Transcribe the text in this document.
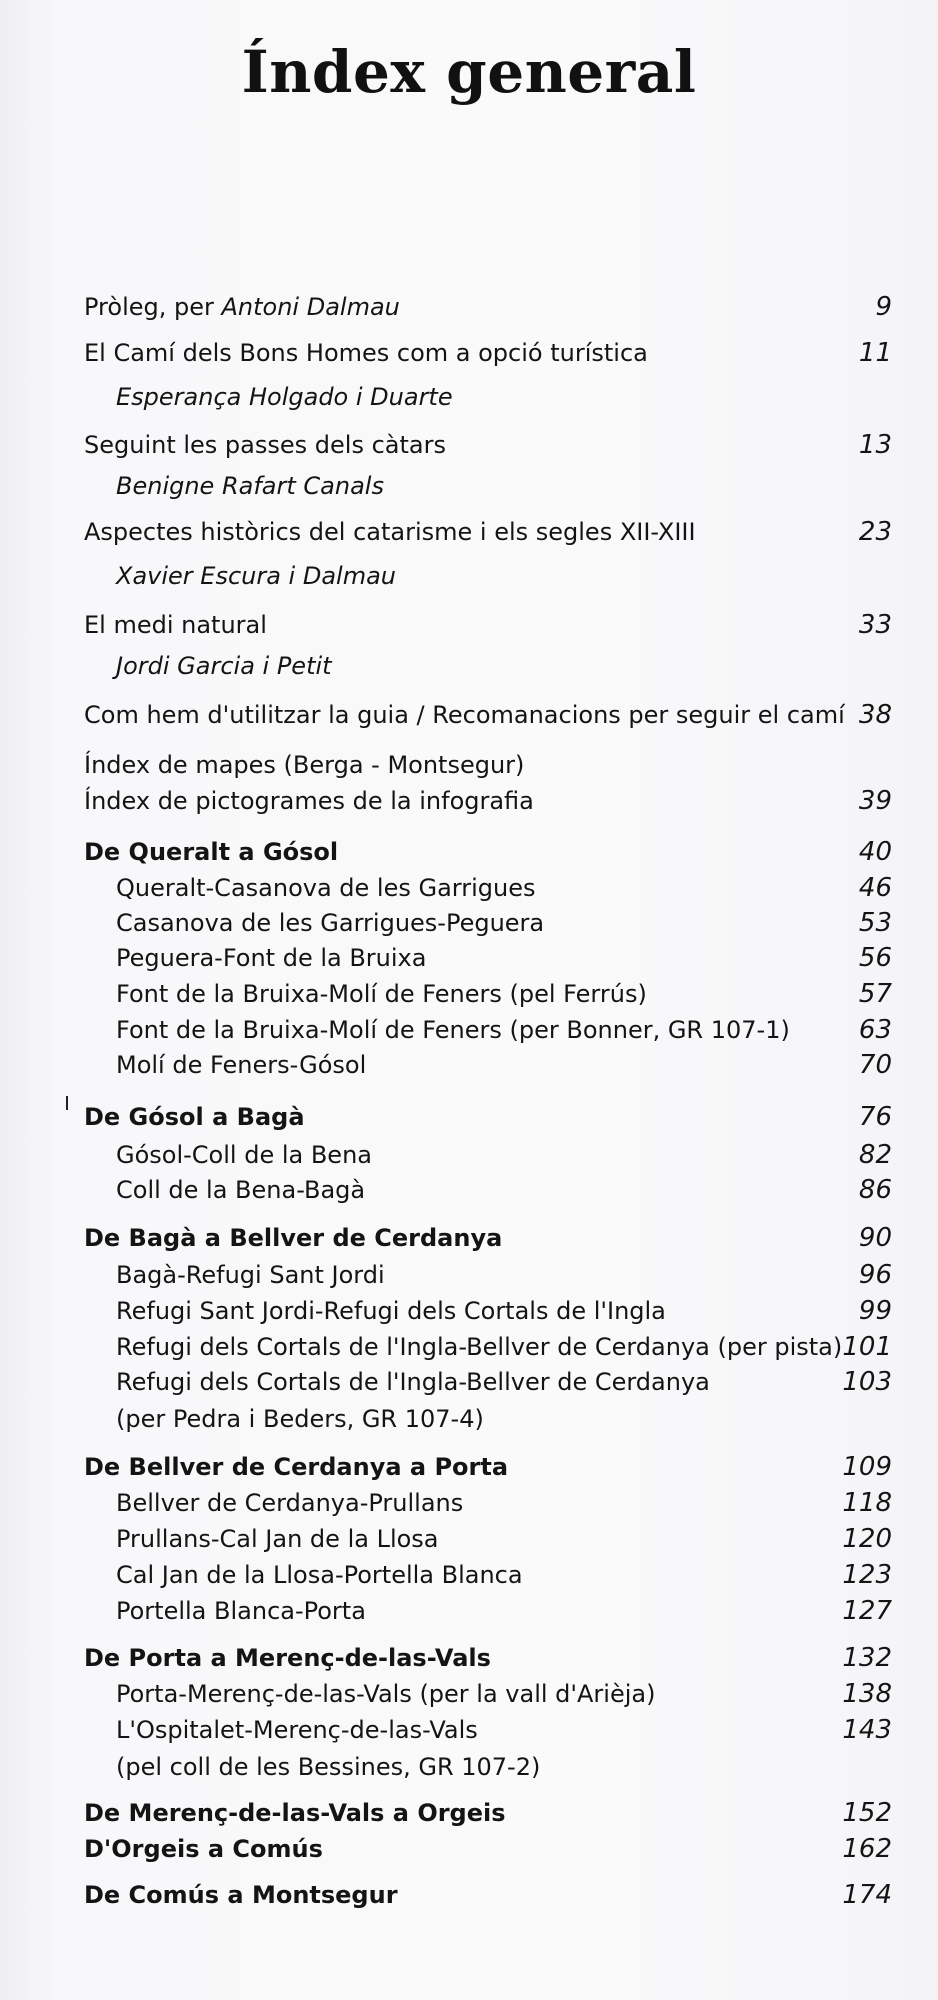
Índex general
Pròleg, per Antoni Dalmau	9
El Camí dels Bons Homes com a opció turística	11
Esperança Holgado i Duarte
Seguint les passes dels càtars	13
Benigne Rafart Canals
Aspectes històrics del catarisme i els segles XII-XIII	23
Xavier Escura i Dalmau
El medi natural	33
Jordi Garcia i Petit
Com hem d'utilitzar la guia / Recomanacions per seguir el camí 38
Índex de mapes (Berga - Montsegur)
Índex de pictogrames de la infografia	39
De Queralt a Gósol	40
Queralt-Casanova de les Garrigues	46
Casanova de les Garrigues-Peguera	53
Peguera-Font de la Bruixa	56
Font de la Bruixa-Molí de Feners (pel Ferrús)	57
Font de la Bruixa-Molí de Feners (per Bonner, GR 107-1)	63
Molí de Feners-Gósol	70
De Gósol a Bagà	76
Gósol-Coll de la Bena	82
Coll de la Bena-Bagà	86
De Bagà a Bellver de Cerdanya	90
Bagà-Refugi Sant Jordi	96
Refugi Sant Jordi-Refugi dels Cortals de l'Ingla	99
Refugi dels Cortals de l'Ingla-Bellver de Cerdanya (per pista) 101
Refugi dels Cortals de l'Ingla-Bellver de Cerdanya	103
(per Pedra i Beders, GR 107-4)
De Bellver de Cerdanya a Porta	109
Bellver de Cerdanya-Prullans	118
Prullans-Cal Jan de la Llosa	120
Cal Jan de la Llosa-Portella Blanca	123
Portella Blanca-Porta	127
De Porta a Merenç-de-las-Vals	132
Porta-Merenç-de-las-Vals (per la vall d'Arièja)	138
L'Ospitalet-Merenç-de-las-Vals	143
(pel coll de les Bessines, GR 107-2)
De Merenç-de-las-Vals a Orgeis	152
D'Orgeis a Comús	162
De Comús a Montsegur	174
